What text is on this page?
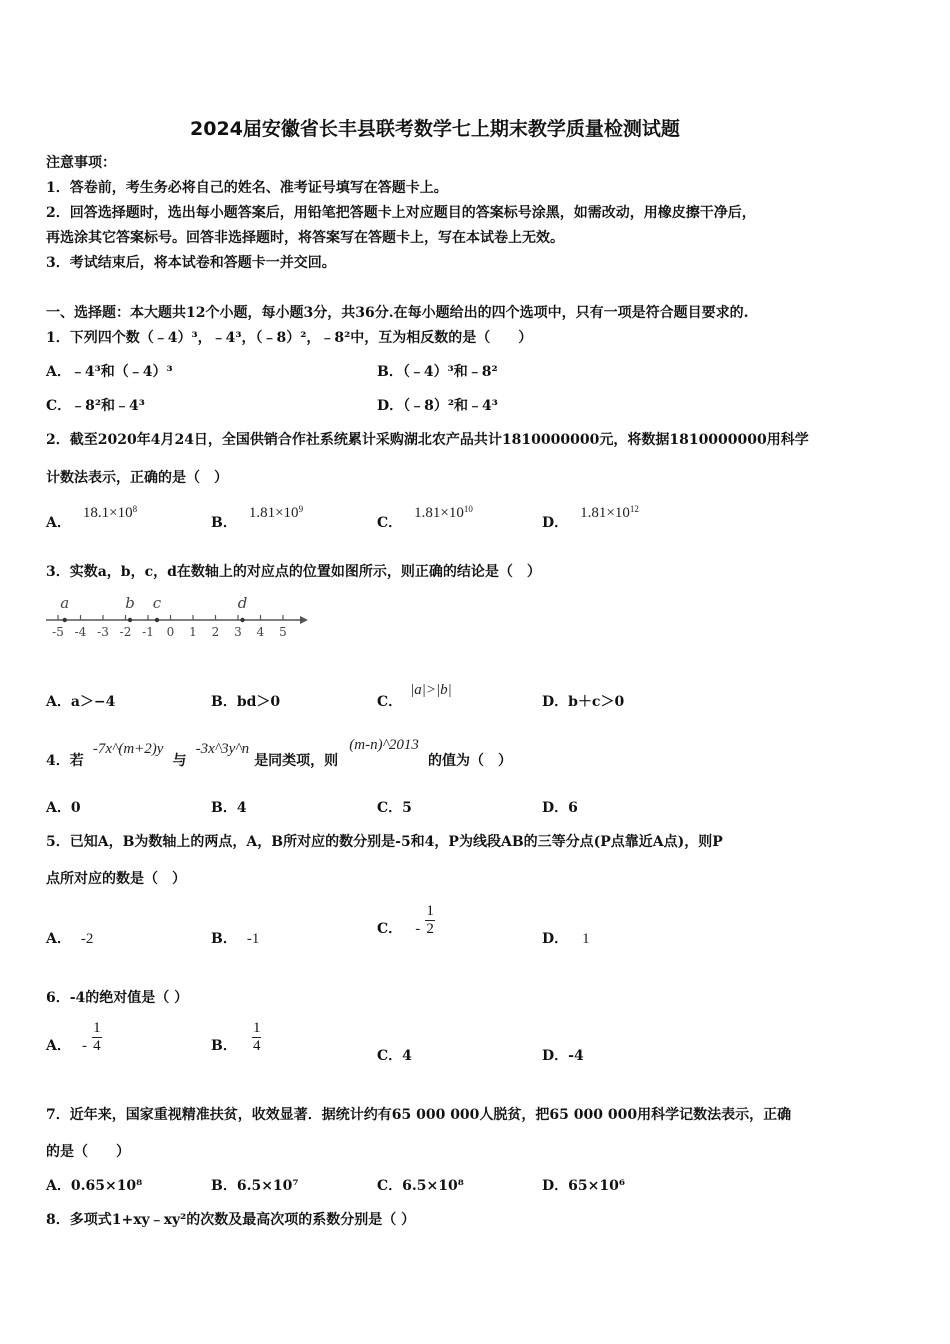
2024届安徽省长丰县联考数学七上期末教学质量检测试题
注意事项：
1．答卷前，考生务必将自己的姓名、准考证号填写在答题卡上。
2．回答选择题时，选出每小题答案后，用铅笔把答题卡上对应题目的答案标号涂黑，如需改动，用橡皮擦干净后，
再选涂其它答案标号。回答非选择题时，将答案写在答题卡上，写在本试卷上无效。
3．考试结束后，将本试卷和答题卡一并交回。
一、选择题：本大题共12个小题，每小题3分，共36分.在每小题给出的四个选项中，只有一项是符合题目要求的.
1．下列四个数（﹣4）³，﹣4³，（﹣8）²，﹣8²中，互为相反数的是（　　）
A．﹣4³和（﹣4）³	B．（﹣4）³和﹣8²
C．﹣8²和﹣4³	D．（﹣8）²和﹣4³
2．截至2020年4月24日，全国供销合作社系统累计采购湖北农产品共计1810000000元，将数据1810000000用科学
计数法表示，正确的是（　）
A．$18.1\times 10^8$
B．$1.81\times 10^9$
C．$1.81\times 10^{10}$
D．$1.81\times 10^{12}$
3．实数a，b，c，d在数轴上的对应点的位置如图所示，则正确的结论是（　）
-5 -4 -3 -2 -1 0 1 2 3 4 5
a	b c	d
A．a＞−4	B．bd＞0	C．|a|>|b|
D．b＋c＞0
4．若 -7x^(m+2)y 与 -3x^3y^n 是同类项，则 (m-n)^2013 的值为（　）
A．0	B．4	C．5	D．6
5．已知A，B为数轴上的两点，A，B所对应的数分别是-5和4，P为线段AB的三等分点(P点靠近A点)，则P
点所对应的数是（　）
A． -2	B． -1
C． - $\frac{1}{2}$
D． 1
6．-4的绝对值是（ ）
A． - $\frac{1}{4}$	B． $\frac{1}{4}$
C．4	D．-4
7．近年来，国家重视精准扶贫，收效显著．据统计约有65 000 000人脱贫，把65 000 000用科学记数法表示，正确
的是（　　）
A．0.65×10⁸	B．6.5×10⁷	C．6.5×10⁸	D．65×10⁶
8．多项式1+xy﹣xy²的次数及最高次项的系数分别是（ ）
